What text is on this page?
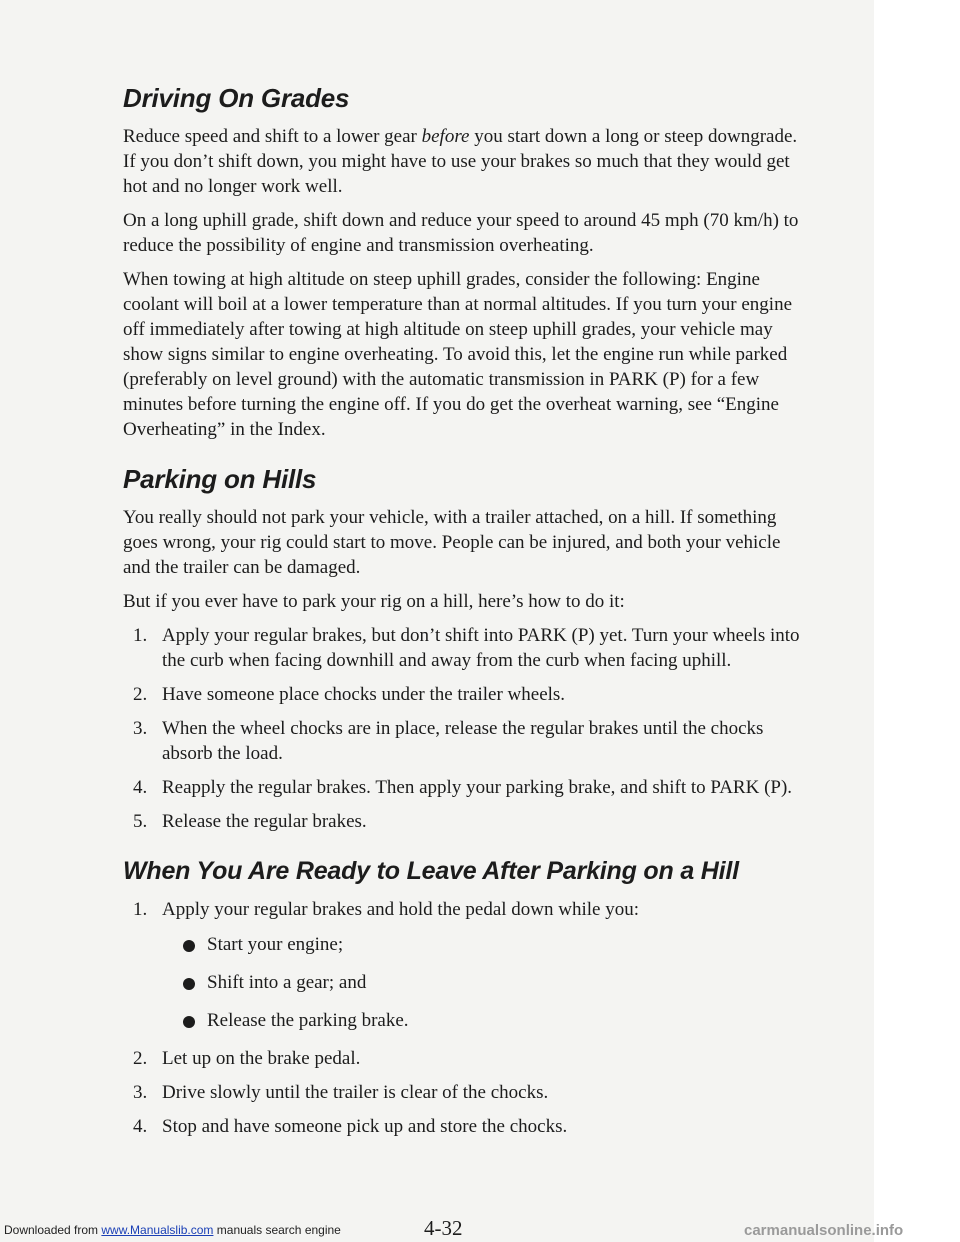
Driving On Grades

Reduce speed and shift to a lower gear before you start down a long or steep downgrade. If you don’t shift down, you might have to use your brakes so much that they would get hot and no longer work well.

On a long uphill grade, shift down and reduce your speed to around 45 mph (70 km/h) to reduce the possibility of engine and transmission overheating.

When towing at high altitude on steep uphill grades, consider the following: Engine coolant will boil at a lower temperature than at normal altitudes. If you turn your engine off immediately after towing at high altitude on steep uphill grades, your vehicle may show signs similar to engine overheating. To avoid this, let the engine run while parked (preferably on level ground) with the automatic transmission in PARK (P) for a few minutes before turning the engine off. If you do get the overheat warning, see “Engine Overheating” in the Index.

Parking on Hills

You really should not park your vehicle, with a trailer attached, on a hill. If something goes wrong, your rig could start to move. People can be injured, and both your vehicle and the trailer can be damaged.

But if you ever have to park your rig on a hill, here’s how to do it:

1. Apply your regular brakes, but don’t shift into PARK (P) yet. Turn your wheels into the curb when facing downhill and away from the curb when facing uphill.
2. Have someone place chocks under the trailer wheels.
3. When the wheel chocks are in place, release the regular brakes until the chocks absorb the load.
4. Reapply the regular brakes. Then apply your parking brake, and shift to PARK (P).
5. Release the regular brakes.
When You Are Ready to Leave After Parking on a Hill
1. Apply your regular brakes and hold the pedal down while you:
Start your engine;
Shift into a gear; and
Release the parking brake.
2. Let up on the brake pedal.
3. Drive slowly until the trailer is clear of the chocks.
4. Stop and have someone pick up and store the chocks.
Downloaded from www.Manualslib.com manuals search engine	4-32	carmanualsonline.info
